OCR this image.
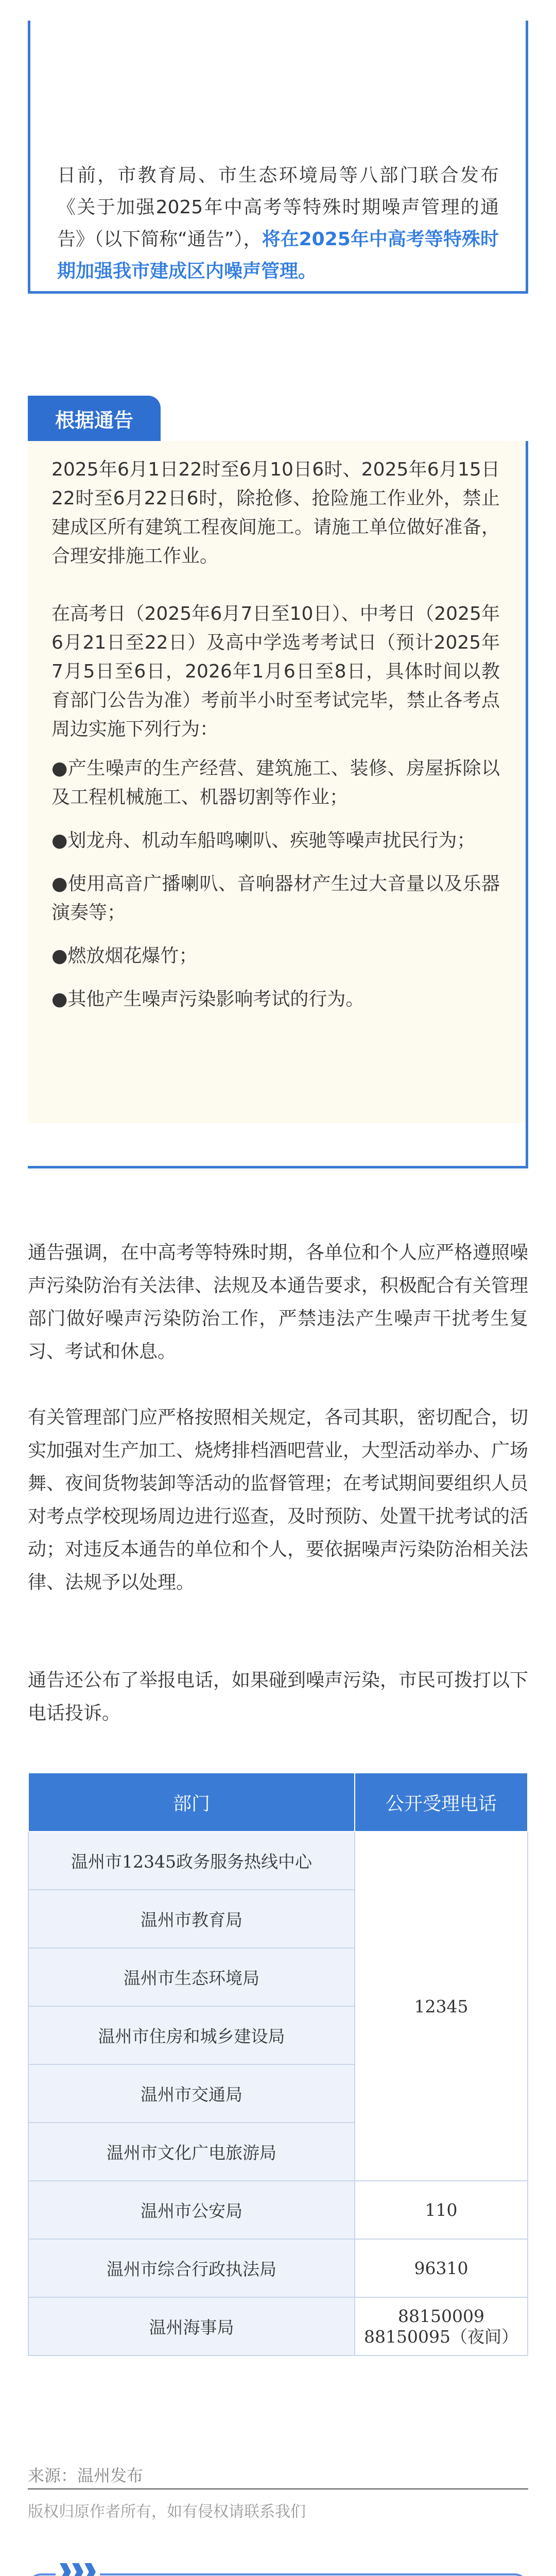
日前，市教育局、市生态环境局等八部门联合发布《关于加强2025年中高考等特殊时期噪声管理的通告》（以下简称“通告”），将在2025年中高考等特殊时期加强我市建成区内噪声管理。
根据通告

2025年6月1日22时至6月10日6时、2025年6月15日22时至6月22日6时，除抢修、抢险施工作业外，禁止建成区所有建筑工程夜间施工。请施工单位做好准备，合理安排施工作业。

在高考日（2025年6月7日至10日）、中考日（2025年6月21日至22日）及高中学选考考试日（预计2025年7月5日至6日，2026年1月6日至8日，具体时间以教育部门公告为准）考前半小时至考试完毕，禁止各考点周边实施下列行为：

●产生噪声的生产经营、建筑施工、装修、房屋拆除以及工程机械施工、机器切割等作业；
●划龙舟、机动车船鸣喇叭、疾驰等噪声扰民行为；
●使用高音广播喇叭、音响器材产生过大音量以及乐器演奏等；
●燃放烟花爆竹；
●其他产生噪声污染影响考试的行为。
通告强调，在中高考等特殊时期，各单位和个人应严格遵照噪声污染防治有关法律、法规及本通告要求，积极配合有关管理部门做好噪声污染防治工作，严禁违法产生噪声干扰考生复习、考试和休息。
有关管理部门应严格按照相关规定，各司其职，密切配合，切实加强对生产加工、烧烤排档酒吧营业，大型活动举办、广场舞、夜间货物装卸等活动的监督管理；在考试期间要组织人员对考点学校现场周边进行巡查，及时预防、处置干扰考试的活动；对违反本通告的单位和个人，要依据噪声污染防治相关法律、法规予以处理。
通告还公布了举报电话，如果碰到噪声污染，市民可拨打以下电话投诉。
部门	公开受理电话
温州市12345政务服务热线中心	12345
温州市教育局	
温州市生态环境局	
温州市住房和城乡建设局	
温州市交通局	
温州市文化广电旅游局	
温州市公安局	110
温州市综合行政执法局	96310
温州海事局	88150009
88150095（夜间）
来源：温州发布
版权归原作者所有，如有侵权请联系我们
